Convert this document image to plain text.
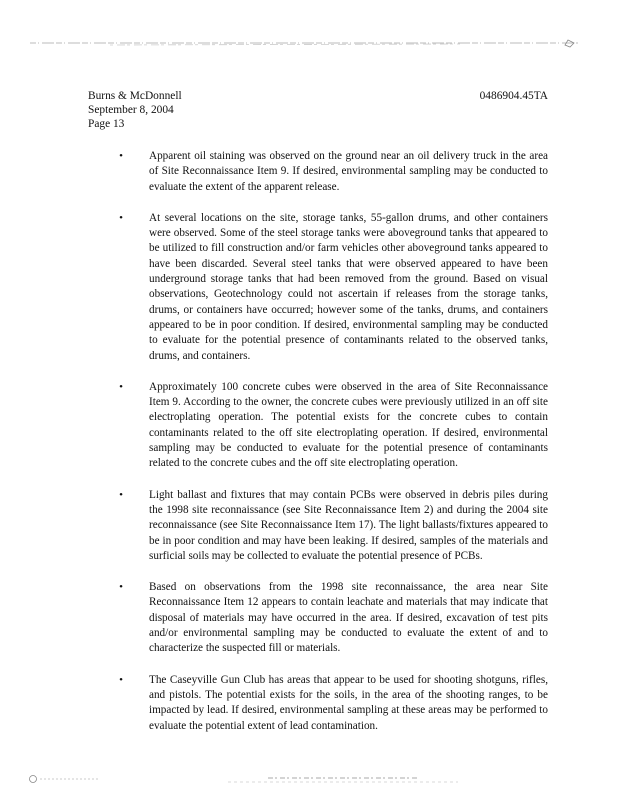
Burns & McDonnell
September 8, 2004
Page 13
0486904.45TA
• Apparent oil staining was observed on the ground near an oil delivery truck in the area of Site Reconnaissance Item 9. If desired, environmental sampling may be conducted to evaluate the extent of the apparent release.
• At several locations on the site, storage tanks, 55-gallon drums, and other containers were observed. Some of the steel storage tanks were aboveground tanks that appeared to be utilized to fill construction and/or farm vehicles other aboveground tanks appeared to have been discarded. Several steel tanks that were observed appeared to have been underground storage tanks that had been removed from the ground. Based on visual observations, Geotechnology could not ascertain if releases from the storage tanks, drums, or containers have occurred; however some of the tanks, drums, and containers appeared to be in poor condition. If desired, environmental sampling may be conducted to evaluate for the potential presence of contaminants related to the observed tanks, drums, and containers.
• Approximately 100 concrete cubes were observed in the area of Site Reconnaissance Item 9. According to the owner, the concrete cubes were previously utilized in an off site electroplating operation. The potential exists for the concrete cubes to contain contaminants related to the off site electroplating operation. If desired, environmental sampling may be conducted to evaluate for the potential presence of contaminants related to the concrete cubes and the off site electroplating operation.
• Light ballast and fixtures that may contain PCBs were observed in debris piles during the 1998 site reconnaissance (see Site Reconnaissance Item 2) and during the 2004 site reconnaissance (see Site Reconnaissance Item 17). The light ballasts/fixtures appeared to be in poor condition and may have been leaking. If desired, samples of the materials and surficial soils may be collected to evaluate the potential presence of PCBs.
• Based on observations from the 1998 site reconnaissance, the area near Site Reconnaissance Item 12 appears to contain leachate and materials that may indicate that disposal of materials may have occurred in the area. If desired, excavation of test pits and/or environmental sampling may be conducted to evaluate the extent of and to characterize the suspected fill or materials.
• The Caseyville Gun Club has areas that appear to be used for shooting shotguns, rifles, and pistols. The potential exists for the soils, in the area of the shooting ranges, to be impacted by lead. If desired, environmental sampling at these areas may be performed to evaluate the potential extent of lead contamination.
